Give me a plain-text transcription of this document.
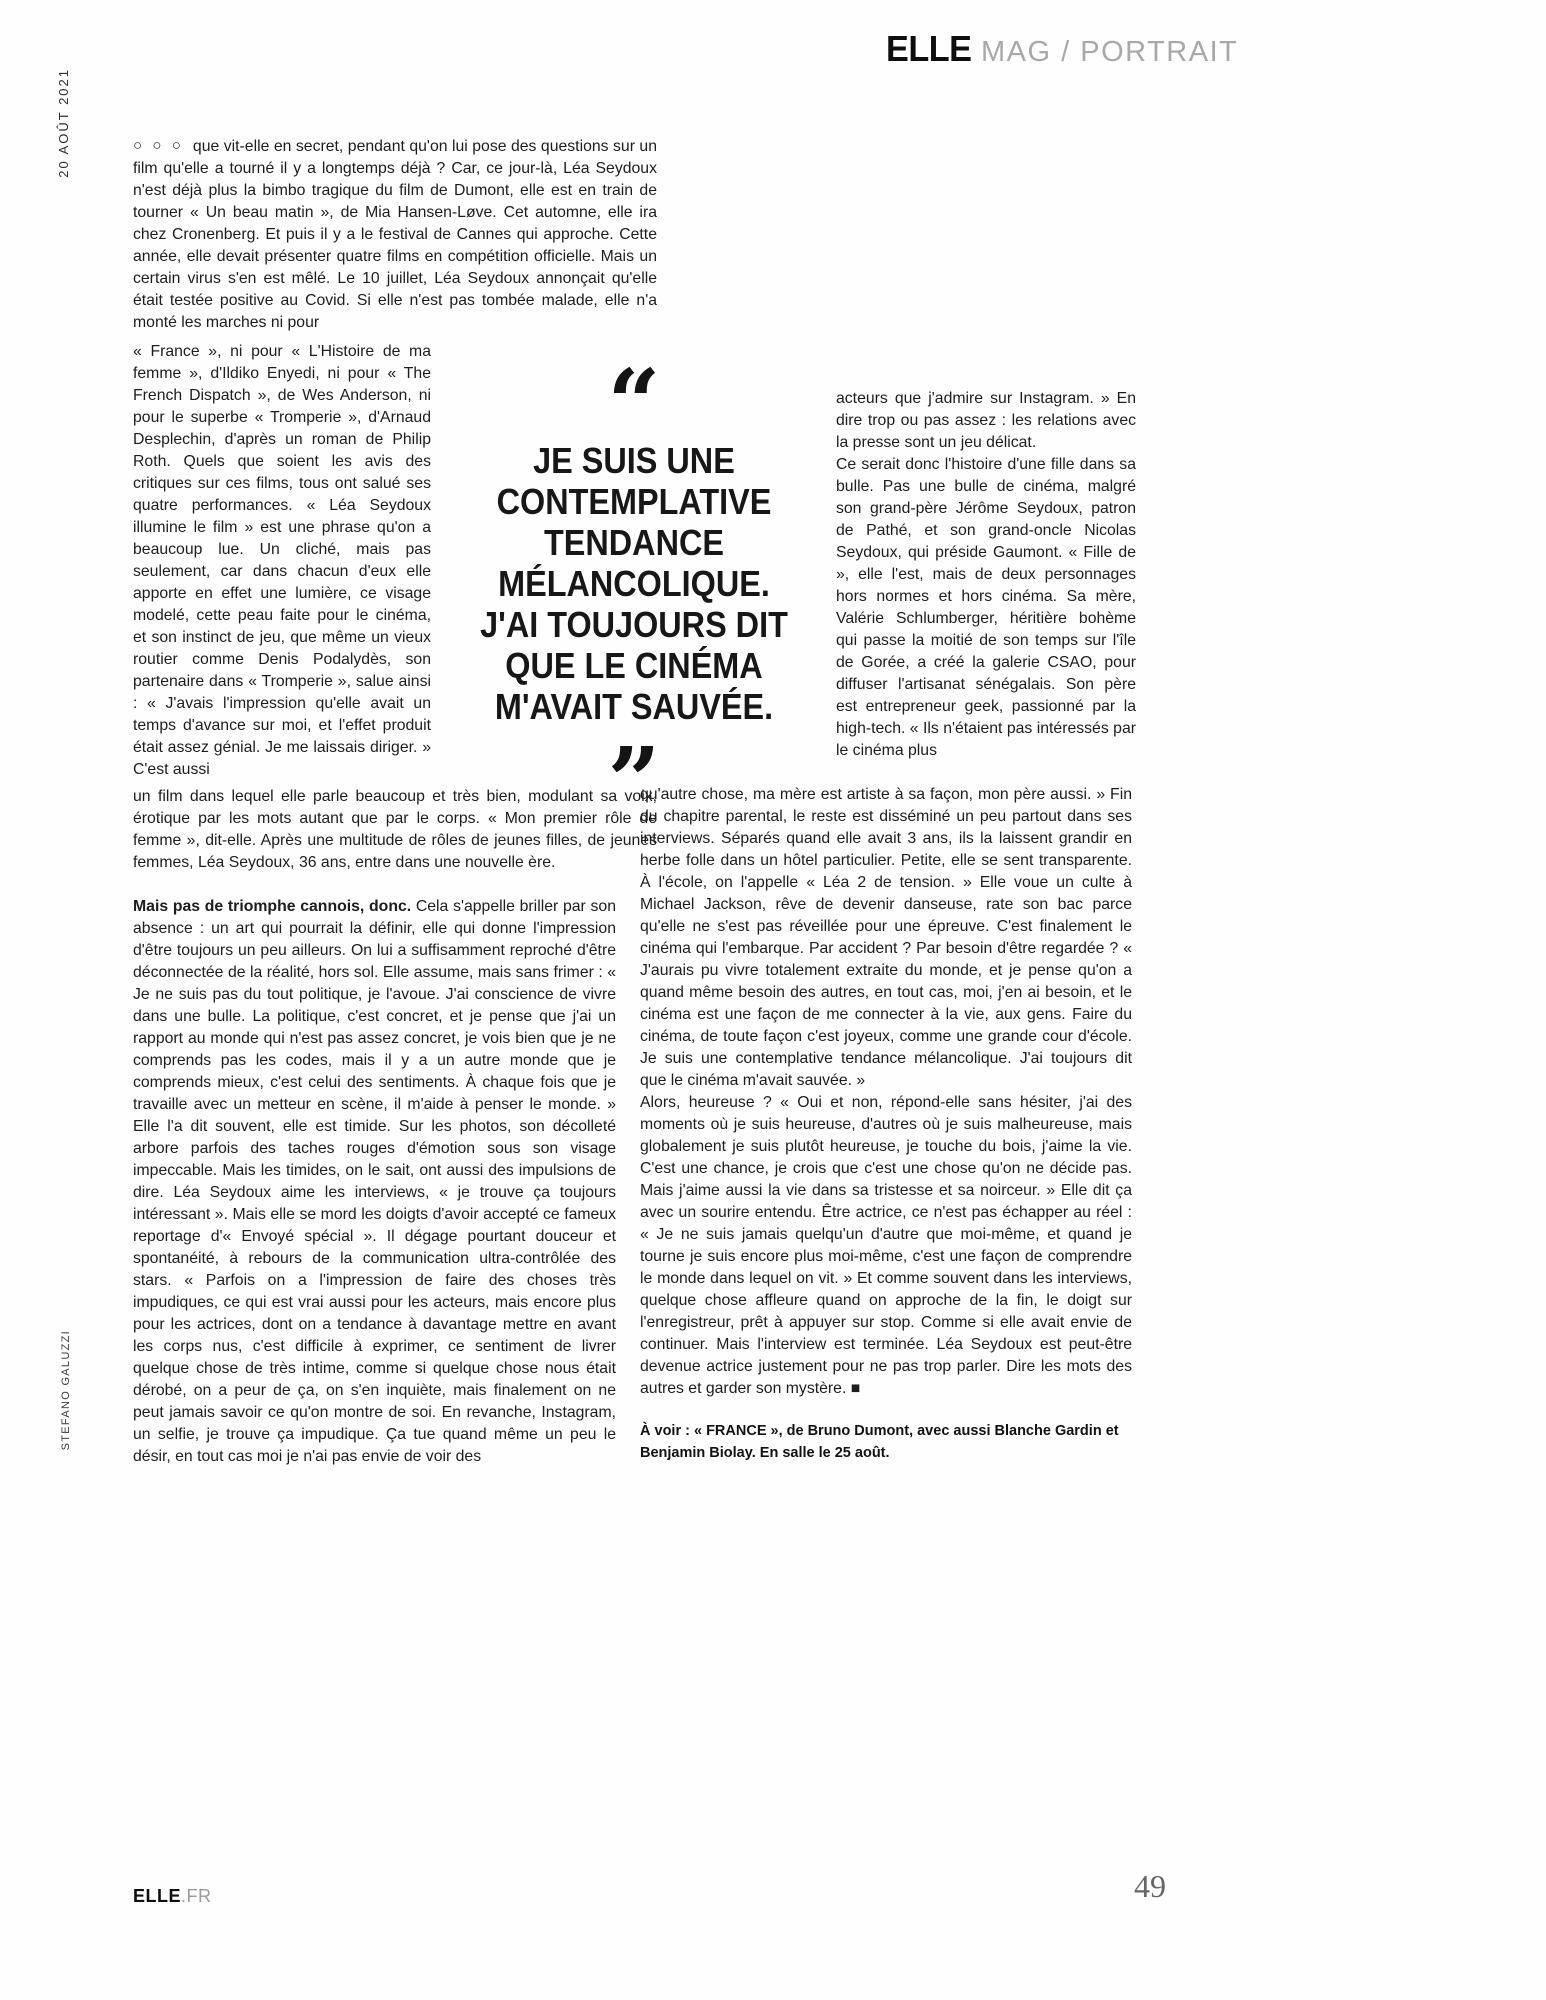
ELLE MAG / PORTRAIT
20 AOÛT 2021
STEFANO GALUZZI

○ ○ ○ que vit-elle en secret, pendant qu'on lui pose des questions sur un film qu'elle a tourné il y a longtemps déjà ? Car, ce jour-là, Léa Seydoux n'est déjà plus la bimbo tragique du film de Dumont, elle est en train de tourner « Un beau matin », de Mia Hansen-Løve. Cet automne, elle ira chez Cronenberg. Et puis il y a le festival de Cannes qui approche. Cette année, elle devait présenter quatre films en compétition officielle. Mais un certain virus s'en est mêlé. Le 10 juillet, Léa Seydoux annonçait qu'elle était testée positive au Covid. Si elle n'est pas tombée malade, elle n'a monté les marches ni pour

« France », ni pour « L'Histoire de ma femme », d'Ildiko Enyedi, ni pour « The French Dispatch », de Wes Anderson, ni pour le superbe « Tromperie », d'Arnaud Desplechin, d'après un roman de Philip Roth. Quels que soient les avis des critiques sur ces films, tous ont salué ses quatre performances. « Léa Seydoux illumine le film » est une phrase qu'on a beaucoup lue. Un cliché, mais pas seulement, car dans chacun d'eux elle apporte en effet une lumière, ce visage modelé, cette peau faite pour le cinéma, et son instinct de jeu, que même un vieux routier comme Denis Podalydès, son partenaire dans « Tromperie », salue ainsi : « J'avais l'impression qu'elle avait un temps d'avance sur moi, et l'effet produit était assez génial. Je me laissais diriger. » C'est aussi

un film dans lequel elle parle beaucoup et très bien, modulant sa voix, érotique par les mots autant que par le corps. « Mon premier rôle de femme », dit-elle. Après une multitude de rôles de jeunes filles, de jeunes femmes, Léa Seydoux, 36 ans, entre dans une nouvelle ère.

Mais pas de triomphe cannois, donc. Cela s'appelle briller par son absence : un art qui pourrait la définir, elle qui donne l'impression d'être toujours un peu ailleurs. On lui a suffisamment reproché d'être déconnectée de la réalité, hors sol. Elle assume, mais sans frimer : « Je ne suis pas du tout politique, je l'avoue. J'ai conscience de vivre dans une bulle. La politique, c'est concret, et je pense que j'ai un rapport au monde qui n'est pas assez concret, je vois bien que je ne comprends pas les codes, mais il y a un autre monde que je comprends mieux, c'est celui des sentiments. À chaque fois que je travaille avec un metteur en scène, il m'aide à penser le monde. » Elle l'a dit souvent, elle est timide. Sur les photos, son décolleté arbore parfois des taches rouges d'émotion sous son visage impeccable. Mais les timides, on le sait, ont aussi des impulsions de dire. Léa Seydoux aime les interviews, « je trouve ça toujours intéressant ». Mais elle se mord les doigts d'avoir accepté ce fameux reportage d'« Envoyé spécial ». Il dégage pourtant douceur et spontanéité, à rebours de la communication ultra-contrôlée des stars. « Parfois on a l'impression de faire des choses très impudiques, ce qui est vrai aussi pour les acteurs, mais encore plus pour les actrices, dont on a tendance à davantage mettre en avant les corps nus, c'est difficile à exprimer, ce sentiment de livrer quelque chose de très intime, comme si quelque chose nous était dérobé, on a peur de ça, on s'en inquiète, mais finalement on ne peut jamais savoir ce qu'on montre de soi. En revanche, Instagram, un selfie, je trouve ça impudique. Ça tue quand même un peu le désir, en tout cas moi je n'ai pas envie de voir des

“
JE SUIS UNE
CONTEMPLATIVE
TENDANCE
MÉLANCOLIQUE.
J'AI TOUJOURS DIT
QUE LE CINÉMA
M'AVAIT SAUVÉE.
”

acteurs que j'admire sur Instagram. » En dire trop ou pas assez : les relations avec la presse sont un jeu délicat.

Ce serait donc l'histoire d'une fille dans sa bulle. Pas une bulle de cinéma, malgré son grand-père Jérôme Seydoux, patron de Pathé, et son grand-oncle Nicolas Seydoux, qui préside Gaumont. « Fille de », elle l'est, mais de deux personnages hors normes et hors cinéma. Sa mère, Valérie Schlumberger, héritière bohème qui passe la moitié de son temps sur l'île de Gorée, a créé la galerie CSAO, pour diffuser l'artisanat sénégalais. Son père est entrepreneur geek, passionné par la high-tech. « Ils n'étaient pas intéressés par le cinéma plus

qu'autre chose, ma mère est artiste à sa façon, mon père aussi. » Fin du chapitre parental, le reste est disséminé un peu partout dans ses interviews. Séparés quand elle avait 3 ans, ils la laissent grandir en herbe folle dans un hôtel particulier. Petite, elle se sent transparente. À l'école, on l'appelle « Léa 2 de tension. » Elle voue un culte à Michael Jackson, rêve de devenir danseuse, rate son bac parce qu'elle ne s'est pas réveillée pour une épreuve. C'est finalement le cinéma qui l'embarque. Par accident ? Par besoin d'être regardée ? « J'aurais pu vivre totalement extraite du monde, et je pense qu'on a quand même besoin des autres, en tout cas, moi, j'en ai besoin, et le cinéma est une façon de me connecter à la vie, aux gens. Faire du cinéma, de toute façon c'est joyeux, comme une grande cour d'école. Je suis une contemplative tendance mélancolique. J'ai toujours dit que le cinéma m'avait sauvée. »

Alors, heureuse ? « Oui et non, répond-elle sans hésiter, j'ai des moments où je suis heureuse, d'autres où je suis malheureuse, mais globalement je suis plutôt heureuse, je touche du bois, j'aime la vie. C'est une chance, je crois que c'est une chose qu'on ne décide pas. Mais j'aime aussi la vie dans sa tristesse et sa noirceur. » Elle dit ça avec un sourire entendu. Être actrice, ce n'est pas échapper au réel : « Je ne suis jamais quelqu'un d'autre que moi-même, et quand je tourne je suis encore plus moi-même, c'est une façon de comprendre le monde dans lequel on vit. » Et comme souvent dans les interviews, quelque chose affleure quand on approche de la fin, le doigt sur l'enregistreur, prêt à appuyer sur stop. Comme si elle avait envie de continuer. Mais l'interview est terminée. Léa Seydoux est peut-être devenue actrice justement pour ne pas trop parler. Dire les mots des autres et garder son mystère. ■

À voir : « FRANCE », de Bruno Dumont, avec aussi Blanche Gardin et Benjamin Biolay. En salle le 25 août.

ELLE.FR	49
